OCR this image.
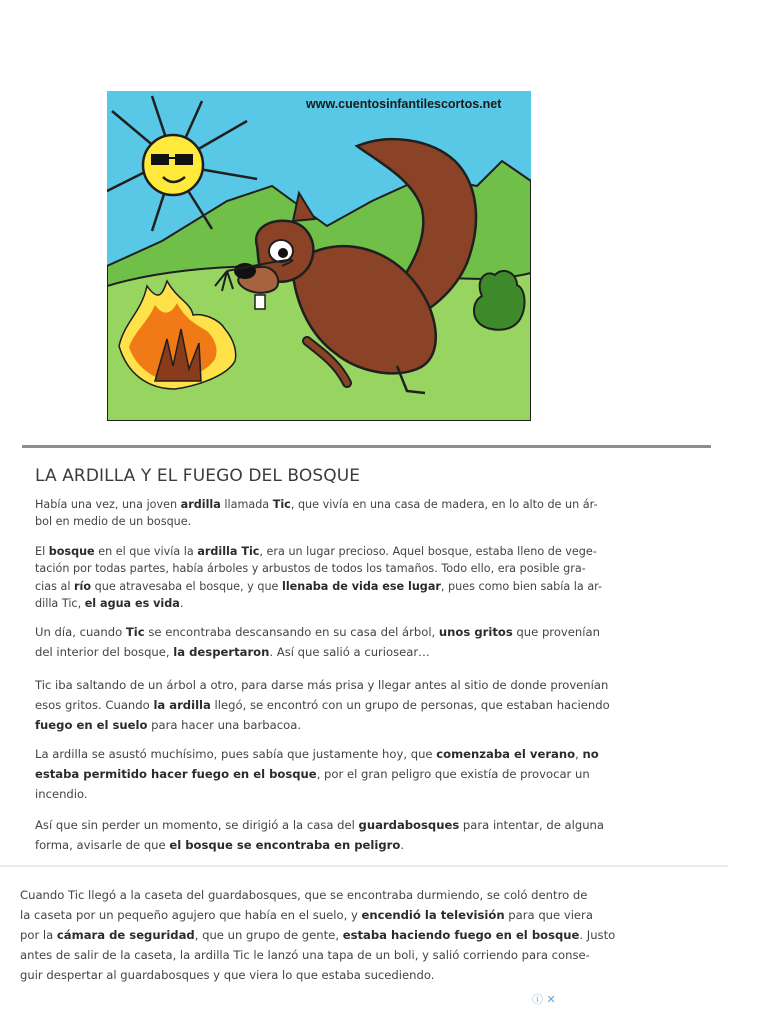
www.cuentosinfantilescortos.net
LA ARDILLA Y EL FUEGO DEL BOSQUE

Había una vez, una joven ardilla llamada Tic, que vivía en una casa de madera, en lo alto de un ár-
bol en medio de un bosque.

El bosque en el que vivía la ardilla Tic, era un lugar precioso. Aquel bosque, estaba lleno de vege-
tación por todas partes, había árboles y arbustos de todos los tamaños. Todo ello, era posible gra-
cias al río que atravesaba el bosque, y que llenaba de vida ese lugar, pues como bien sabía la ar-
dilla Tic, el agua es vida.

Un día, cuando Tic se encontraba descansando en su casa del árbol, unos gritos que provenían
del interior del bosque, la despertaron. Así que salió a curiosear…

Tic iba saltando de un árbol a otro, para darse más prisa y llegar antes al sitio de donde provenían
esos gritos. Cuando la ardilla llegó, se encontró con un grupo de personas, que estaban haciendo
fuego en el suelo para hacer una barbacoa.

La ardilla se asustó muchísimo, pues sabía que justamente hoy, que comenzaba el verano, no
estaba permitido hacer fuego en el bosque, por el gran peligro que existía de provocar un
incendio.

Así que sin perder un momento, se dirigió a la casa del guardabosques para intentar, de alguna
forma, avisarle de que el bosque se encontraba en peligro.

Cuando Tic llegó a la caseta del guardabosques, que se encontraba durmiendo, se coló dentro de
la caseta por un pequeño agujero que había en el suelo, y encendió la televisión para que viera
por la cámara de seguridad, que un grupo de gente, estaba haciendo fuego en el bosque. Justo
antes de salir de la caseta, la ardilla Tic le lanzó una tapa de un boli, y salió corriendo para conse-
guir despertar al guardabosques y que viera lo que estaba sucediendo.

ⓘ ✕
